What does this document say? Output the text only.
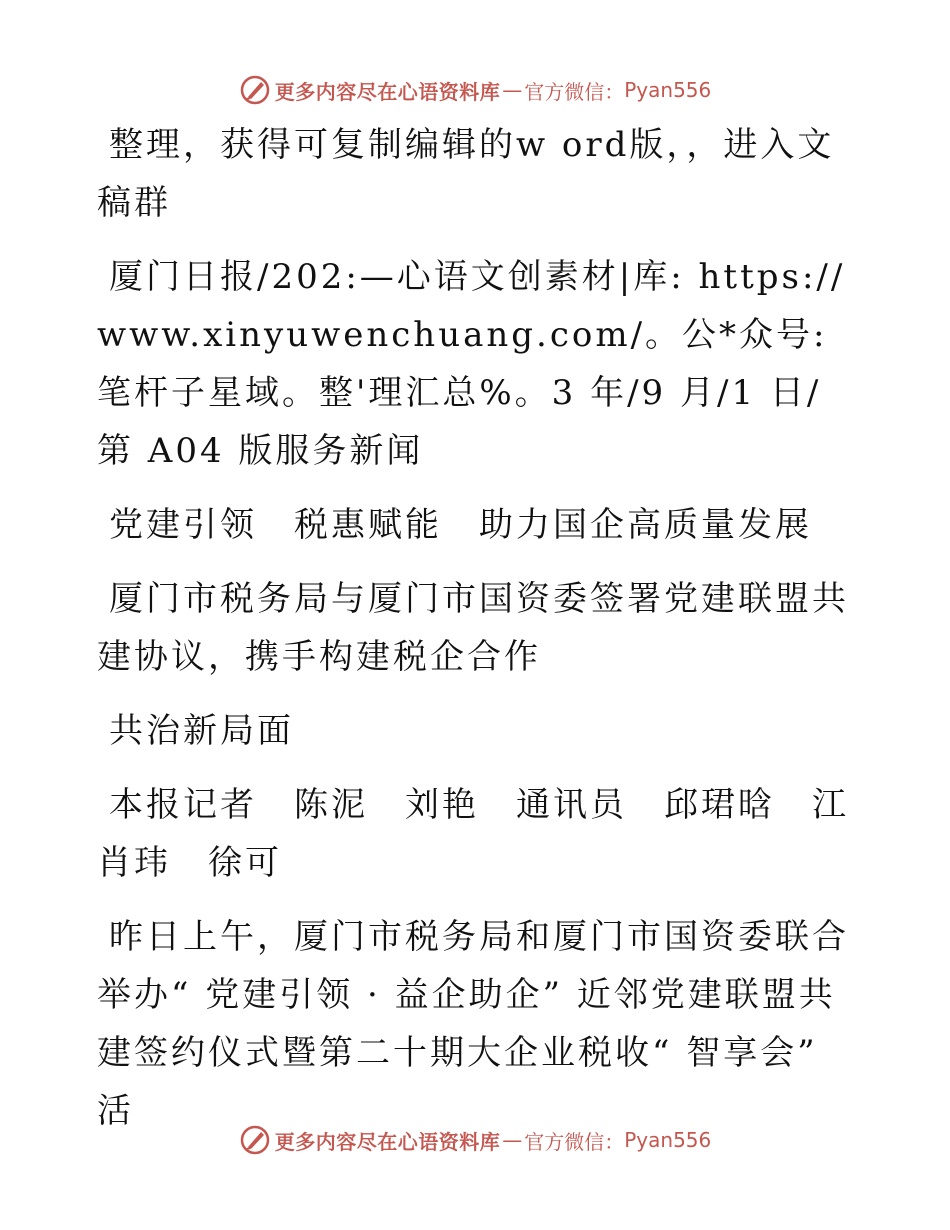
更多内容尽在心语资料库 — 官方微信： Pyan556

整理，获得可复制编辑的w ord版，，进入文稿群

厦门日报/202:—心语文创素材|库: https://www.xinyuwenchuang.com/。公*众号: 笔杆子星域。整'理汇总%。3 年/9 月/1 日/第 A04 版服务新闻

党建引领　税惠赋能　助力国企高质量发展

厦门市税务局与厦门市国资委签署党建联盟共建协议，携手构建税企合作

共治新局面

本报记者　陈泥　刘艳　通讯员　邱珺晗　江肖玮　徐可

昨日上午，厦门市税务局和厦门市国资委联合举办“ 党建引领 · 益企助企” 近邻党建联盟共建签约仪式暨第二十期大企业税收“ 智享会” 活

更多内容尽在心语资料库 — 官方微信： Pyan556
